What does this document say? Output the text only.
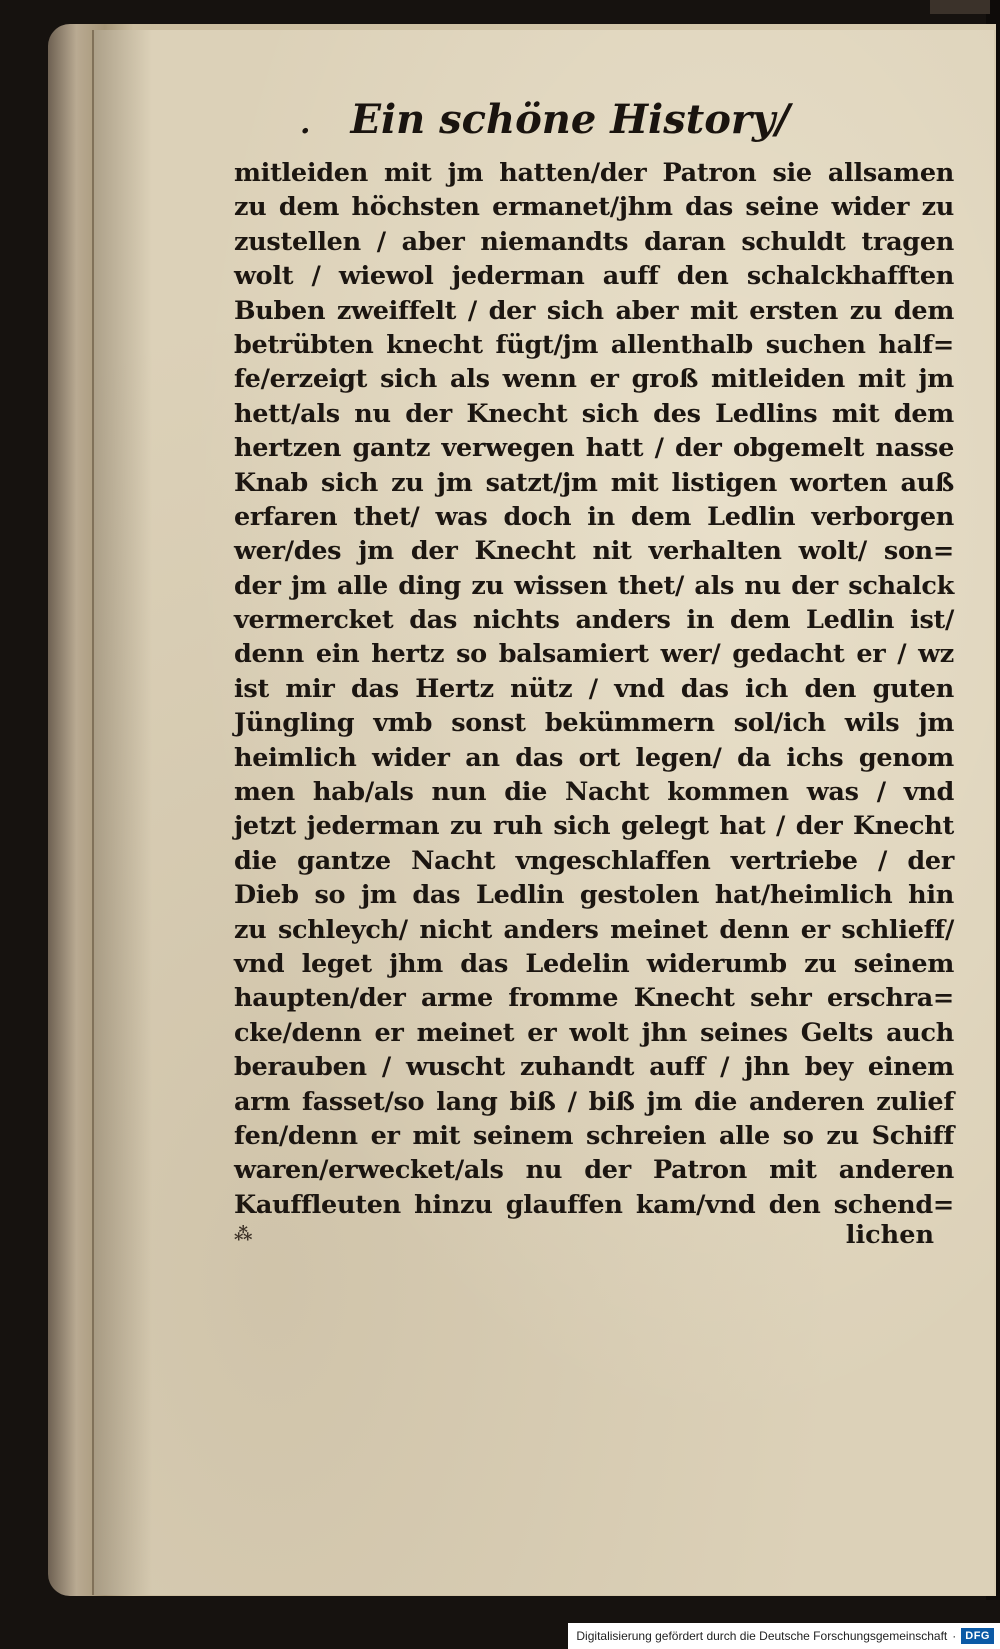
. Ein schöne History/
mitleiden mit jm hatten/der Patron sie allsamen
zu dem höchsten ermanet/jhm das seine wider zu
zustellen / aber niemandts daran schuldt tragen
wolt / wiewol jederman auff den schalckhafften
Buben zweiffelt / der sich aber mit ersten zu dem
betrübten knecht fügt/jm allenthalb suchen half=
fe/erzeigt sich als wenn er groß mitleiden mit jm
hett/als nu der Knecht sich des Ledlins mit dem
hertzen gantz verwegen hatt / der obgemelt nasse
Knab sich zu jm satzt/jm mit listigen worten auß
erfaren thet/ was doch in dem Ledlin verborgen
wer/des jm der Knecht nit verhalten wolt/ son=
der jm alle ding zu wissen thet/ als nu der schalck
vermercket das nichts anders in dem Ledlin ist/
denn ein hertz so balsamiert wer/ gedacht er / wz
ist mir das Hertz nütz / vnd das ich den guten
Jüngling vmb sonst bekümmern sol/ich wils jm
heimlich wider an das ort legen/ da ichs genom
men hab/als nun die Nacht kommen was / vnd
jetzt jederman zu ruh sich gelegt hat / der Knecht
die gantze Nacht vngeschlaffen vertriebe / der
Dieb so jm das Ledlin gestolen hat/heimlich hin
zu schleych/ nicht anders meinet denn er schlieff/
vnd leget jhm das Ledelin widerumb zu seinem
haupten/der arme fromme Knecht sehr erschra=
cke/denn er meinet er wolt jhn seines Gelts auch
berauben / wuscht zuhandt auff / jhn bey einem
arm fasset/so lang biß / biß jm die anderen zulief
fen/denn er mit seinem schreien alle so zu Schiff
waren/erwecket/als nu der Patron mit anderen
Kauffleuten hinzu glauffen kam/vnd den schend=
⁂	lichen
Digitalisierung gefördert durch die Deutsche Forschungsgemeinschaft · DFG
